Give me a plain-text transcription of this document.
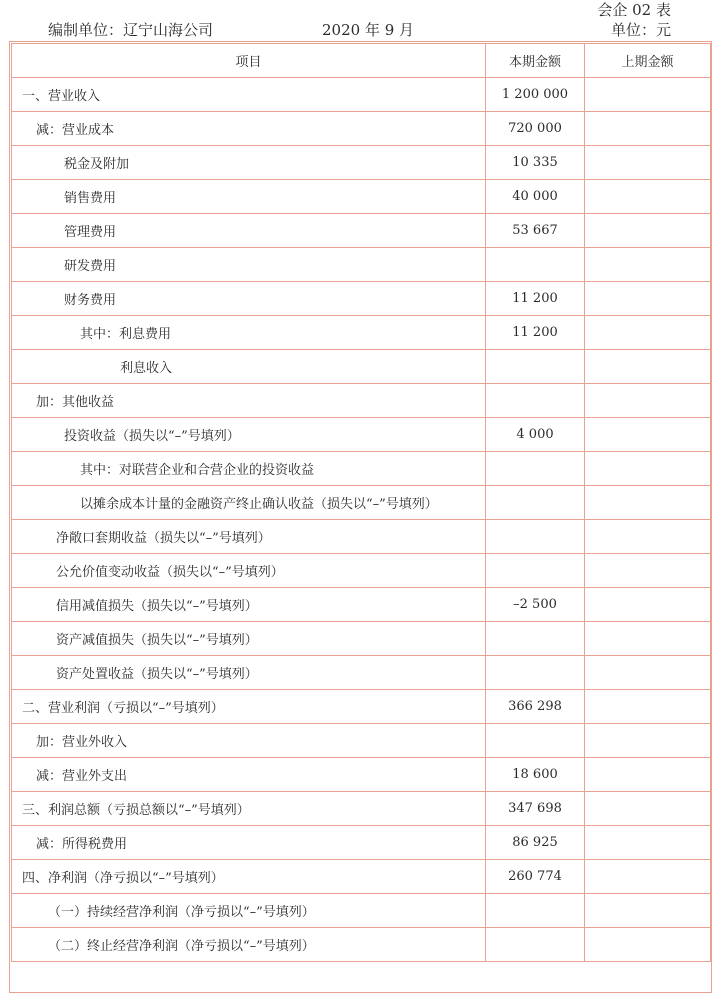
编制单位：辽宁山海公司	2020 年 9 月
会企 02 表
单位：元
项目	本期金额	上期金额
一、营业收入	1 200 000	
减：营业成本	720 000	
税金及附加	10 335	
销售费用	40 000	
管理费用	53 667	
研发费用		
财务费用	11 200	
其中：利息费用	11 200	
利息收入		
加：其他收益		
投资收益（损失以“–”号填列）	4 000	
其中：对联营企业和合营企业的投资收益		
以摊余成本计量的金融资产终止确认收益（损失以“–”号填列）		
净敞口套期收益（损失以“–”号填列）		
公允价值变动收益（损失以“–”号填列）		
信用减值损失（损失以“–”号填列）	–2 500	
资产减值损失（损失以“–”号填列）		
资产处置收益（损失以“–”号填列）		
二、营业利润（亏损以“–”号填列）	366 298	
加：营业外收入		
减：营业外支出	18 600	
三、利润总额（亏损总额以“–”号填列）	347 698	
减：所得税费用	86 925	
四、净利润（净亏损以“–”号填列）	260 774	
（一）持续经营净利润（净亏损以“–”号填列）		
（二）终止经营净利润（净亏损以“–”号填列）		
